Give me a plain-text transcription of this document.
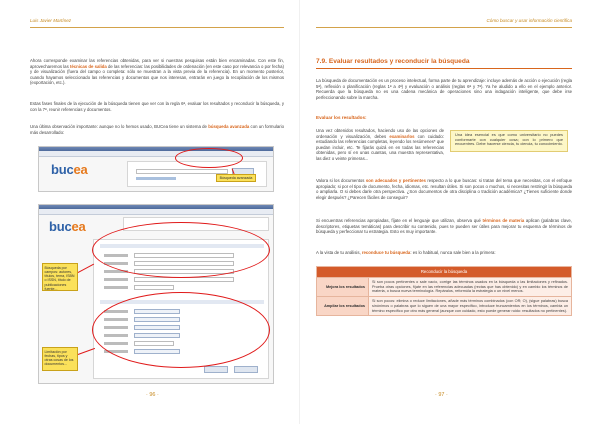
Luis Javier Martínez

Ahora corresponde examinar las referencias obtenidas, para ver si nuestras pesquisas están bien encaminadas. Con este fin, aprovecharemos las técnicas de salida de las referencias: las posibilidades de ordenación (en este caso por relevancia o por fecha) y de visualización (fuera del campo o completa: sólo se muestran a la vista previa de la referencia). En un momento posterior, cuando hayamos seleccionado las referencias y documentos que nos interesan, entrarán en juego la recopilación de los mismos (exportación, etc.).

Estas fases finales de la ejecución de la búsqueda tienen que ver con la regla 6ª, evaluar los resultados y reconducir la búsqueda, y con la 7ª, reunir referencias y documentos.

Una última observación importante: aunque no lo hemos usado, BUCea tiene un sistema de búsqueda avanzada con un formulario más desarrollado:

bucea
Búsqueda avanzada
bucea
Búsqueda por campos: autores, títulos, tema, ISBN o ISSN, título de publicaciones fuente...
Limitación por fechas, tipos y otras cosas de los documentos...
· 96 ·
Cómo buscar y usar información científica
7.9. Evaluar resultados y reconducir la búsqueda

La búsqueda de documentación es un proceso intelectual, forma parte de tu aprendizaje: incluye además de acción o ejecución (regla 5ª), reflexión o planificación (reglas 1ª a 4ª) y evaluación o análisis (reglas 6ª y 7ª). Ya he aludido a ello en el ejemplo anterior. Recuerda que la búsqueda no es una cadena mecánica de operaciones sino una indagación inteligente, que debe irse perfeccionando sobre la marcha.

Evaluar los resultados:

Una vez obtenidos resultados, haciendo uso de las opciones de ordenación y visualización, debes examinarlos con cuidado: estudiando las referencias completas, leyendo los resúmenes* que puedan incluir, etc. Te fijarás quizá en en todas las referencias obtenidas, pero sí en unas cuantas, una muestra representativa, las diez o veinte primeras...

Una idea esencial es que como universitario no puedes conformarte con cualquier cosa; con lo primero que encuentres. Debe hacerse ciencia, tu ciencia, tu conocimiento.

Valora si los documentos son adecuados y pertinentes respecto a lo que buscas: si tratan del tema que necesitas, con el enfoque apropiado; si por el tipo de documento, fecha, idiomas, etc. resultan útiles. Si son pocos o muchos, si necesitas restringir la búsqueda o ampliarla. O si debes darle otra perspectiva. ¿Son documentos de otra disciplina o tradición académica? ¿Tienes suficiente donde elegir después? ¿Parecen fáciles de conseguir?

Si encuentras referencias apropiadas, fíjate en el lenguaje que utilizan, observa qué términos de materia aplican (palabras clave, descriptores, etiquetas temáticas) para describir su contenido, pues te pueden ser útiles para mejorar tu esquema de términos de búsqueda y perfeccionar tu estrategia. Esto es muy importante.

A la vista de tu análisis, reconduce tu búsqueda: es lo habitual, nunca sale bien a la primera:

Reconducir la búsqueda	
Mejora los resultados	Si son pocos pertinentes o sale vacío, corrige las términos usados en la búsqueda o las limitaciones y refinados. Prueba otras opciones, fíjate en las referencias adecuadas (rectas que has obtenido) y en cambio los términos de materia, o busca nueva terminología. Repáralos, reformúla la estrategia o un nivel menos.
Ampliar los resultados	Si son pocos: elimina o reduce limitaciones, añade más términos combinados (con OR; O), (sigue palabras) busca sinónimos o palabras que lo siguen de una mayor especifico, introduce truncamientos en los términos, cambia un término específico por otro más general (aunque con cuidado, esto puede generar ruido: resultados no pertinentes).
· 97 ·
